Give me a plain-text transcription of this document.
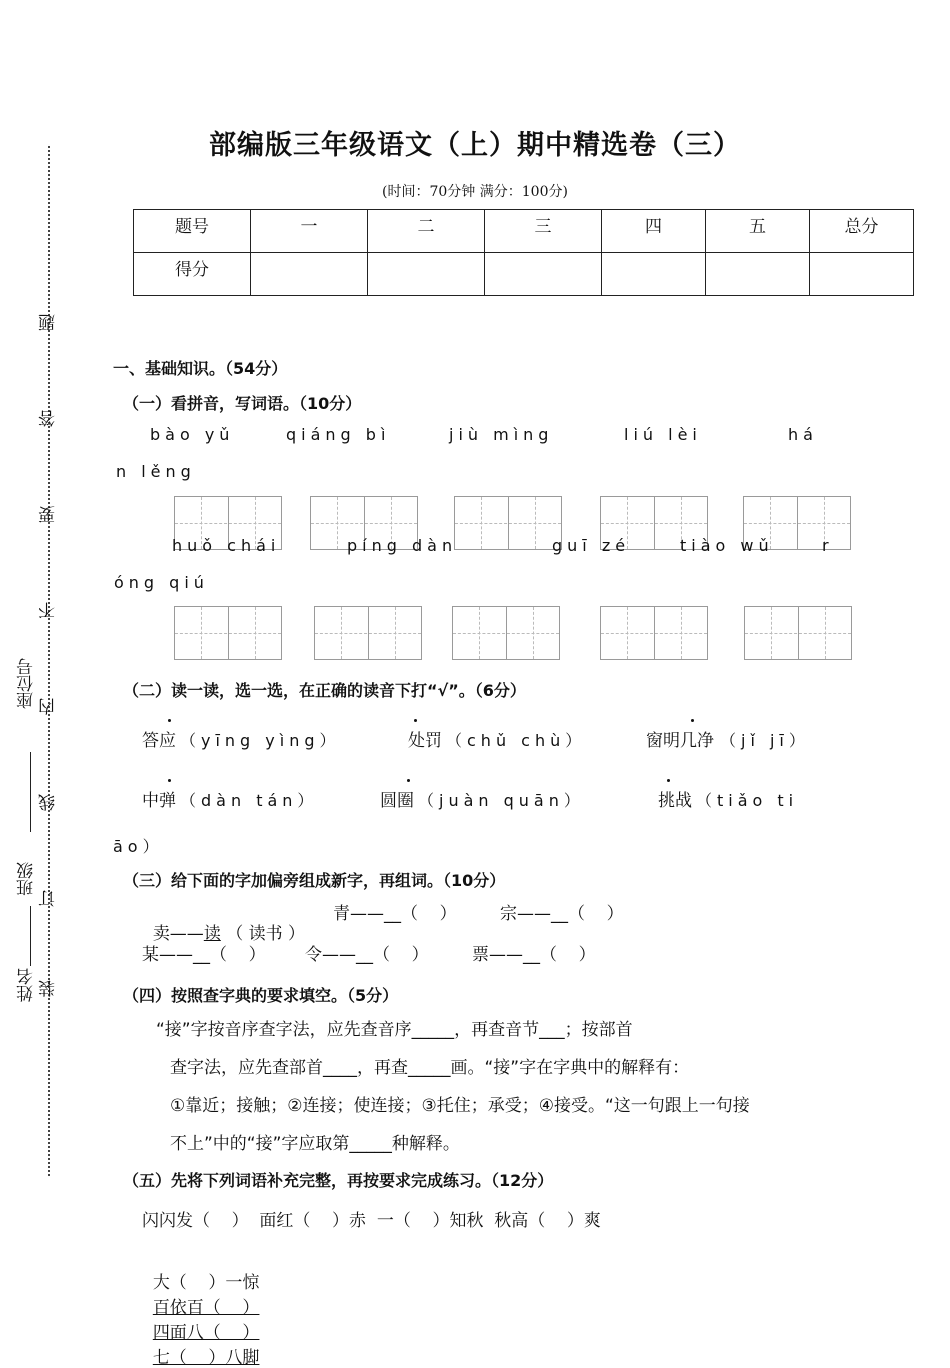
题
答
要
不
内
线
订
装
座位号
班级
姓名
部编版三年级语文（上）期中精选卷（三）
(时间：70分钟 满分：100分)
题号	一	二	三	四	五	总分
得分						
一、基础知识。（54分）
（一）看拼音，写词语。（10分）
bào yǔ	qiáng bì	jiù mìng	liú lèi	há
n lěng
huǒ chái	píng dàn	guī zé	tiào wǔ	r
óng qiú
（二）读一读，选一选，在正确的读音下打“√”。（6分）
答应 （yīng yìng）	处罚 （chǔ chù）	窗明几净 （jǐ jī）
中弹 （dàn tán）	圆圈 （juàn quān）	挑战 （tiǎo ti
āo）
（三）给下面的字加偏旁组成新字，再组词。（10分）

卖——读 （ 读书 ）

青——__（    ）	宗——__（    ）
某——__（    ） 令——__（    ）	票——__（    ）
（四）按照查字典的要求填空。（5分）
“接”字按音序查字法，应先查音序_____，再查音节___；按部首
查字法，应先查部首____，再查_____画。“接”字在字典中的解释有：
①靠近；接触；②连接；使连接；③托住；承受；④接受。“这一句跟上一句接
不上”中的“接”字应取第_____种解释。
（五）先将下列词语补充完整，再按要求完成练习。（12分）
闪闪发（    ）  面红（    ）赤  一（    ）知秋  秋高（    ）爽

大（    ）一惊
百依百（    ）
四面八（    ）
七（    ）八脚
